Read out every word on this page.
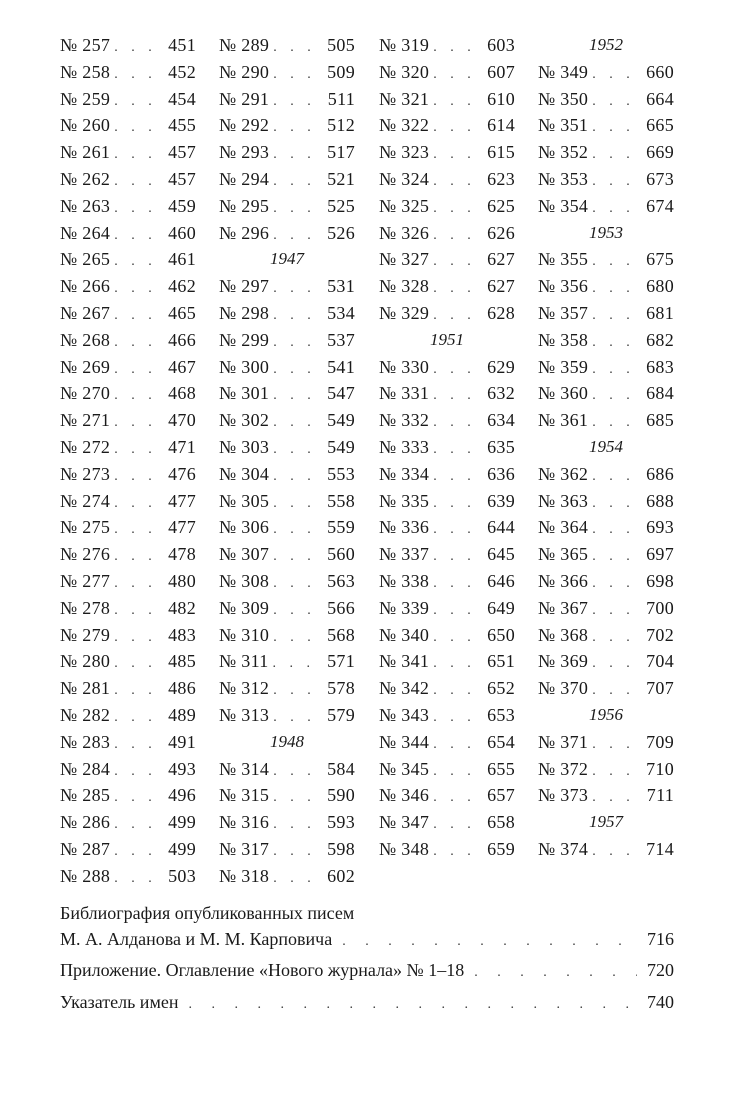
№ 257 . . .	451
№ 258 . . .	452
№ 259 . . .	454
№ 260 . . .	455
№ 261 . . .	457
№ 262 . . .	457
№ 263 . . .	459
№ 264 . . .	460
№ 265 . . .	461
№ 266 . . .	462
№ 267 . . .	465
№ 268 . . .	466
№ 269 . . .	467
№ 270 . . .	468
№ 271 . . .	470
№ 272 . . .	471
№ 273 . . .	476
№ 274 . . .	477
№ 275 . . .	477
№ 276 . . .	478
№ 277 . . .	480
№ 278 . . .	482
№ 279 . . .	483
№ 280 . . .	485
№ 281 . . .	486
№ 282 . . .	489
№ 283 . . .	491
№ 284 . . .	493
№ 285 . . .	496
№ 286 . . .	499
№ 287 . . .	499
№ 288 . . .	503
№ 289 . . .	505
№ 290 . . .	509
№ 291 . . .	511
№ 292 . . .	512
№ 293 . . .	517
№ 294 . . .	521
№ 295 . . .	525
№ 296 . . .	526
1947
№ 297 . . .	531
№ 298 . . .	534
№ 299 . . .	537
№ 300 . . .	541
№ 301 . . .	547
№ 302 . . .	549
№ 303 . . .	549
№ 304 . . .	553
№ 305 . . .	558
№ 306 . . .	559
№ 307 . . .	560
№ 308 . . .	563
№ 309 . . .	566
№ 310 . . .	568
№ 311 . . .	571
№ 312 . . .	578
№ 313 . . .	579
1948
№ 314 . . .	584
№ 315 . . .	590
№ 316 . . .	593
№ 317 . . .	598
№ 318 . . .	602
№ 319 . . .	603
№ 320 . . .	607
№ 321 . . .	610
№ 322 . . .	614
№ 323 . . .	615
№ 324 . . .	623
№ 325 . . .	625
№ 326 . . .	626
№ 327 . . .	627
№ 328 . . .	627
№ 329 . . .	628
1951
№ 330 . . .	629
№ 331 . . .	632
№ 332 . . .	634
№ 333 . . .	635
№ 334 . . .	636
№ 335 . . .	639
№ 336 . . .	644
№ 337 . . .	645
№ 338 . . .	646
№ 339 . . .	649
№ 340 . . .	650
№ 341 . . .	651
№ 342 . . .	652
№ 343 . . .	653
№ 344 . . .	654
№ 345 . . .	655
№ 346 . . .	657
№ 347 . . .	658
№ 348 . . .	659
1952
№ 349 . . .	660
№ 350 . . .	664
№ 351 . . .	665
№ 352 . . .	669
№ 353 . . .	673
№ 354 . . .	674
1953
№ 355 . . .	675
№ 356 . . .	680
№ 357 . . .	681
№ 358 . . .	682
№ 359 . . .	683
№ 360 . . .	684
№ 361 . . .	685
1954
№ 362 . . .	686
№ 363 . . .	688
№ 364 . . .	693
№ 365 . . .	697
№ 366 . . .	698
№ 367 . . .	700
№ 368 . . .	702
№ 369 . . .	704
№ 370 . . .	707
1956
№ 371 . . .	709
№ 372 . . .	710
№ 373 . . .	711
1957
№ 374 . . .	714
Библиография опубликованных писем
М. А. Алданова и М. М. Карповича . . .	716
Приложение. Оглавление «Нового журнала» № 1–18 . . .	720
Указатель имен . . .	740
